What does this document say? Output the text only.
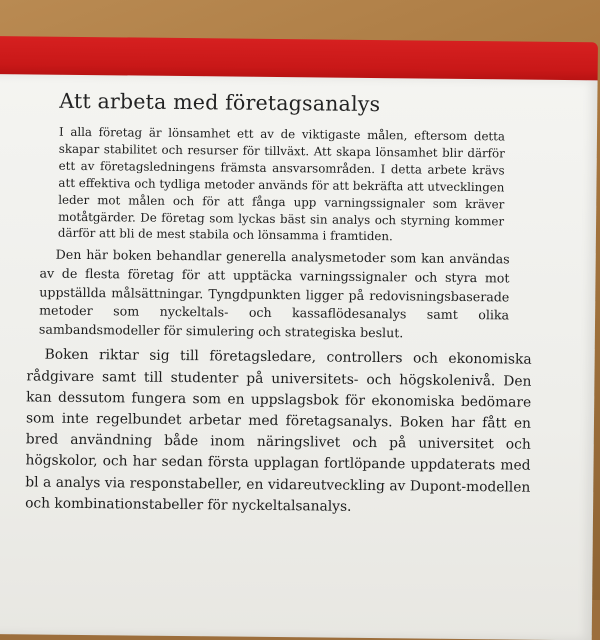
Att arbeta med företagsanalys

I alla företag är lönsamhet ett av de viktigaste målen, eftersom detta skapar stabilitet och resurser för tillväxt. Att skapa lönsamhet blir därför ett av företagsledningens främsta ansvarsområden. I detta arbete krävs att effektiva och tydliga metoder används för att bekräfta att utvecklingen leder mot målen och för att fånga upp varningssignaler som kräver motåtgärder. De företag som lyckas bäst sin analys och styrning kommer därför att bli de mest stabila och lönsamma i framtiden.

Den här boken behandlar generella analysmetoder som kan användas av de flesta företag för att upptäcka varningssignaler och styra mot uppställda målsättningar. Tyngdpunkten ligger på redovisningsbaserade metoder som nyckeltals- och kassaflödesanalys samt olika sambandsmodeller för simulering och strategiska beslut.

Boken riktar sig till företagsledare, controllers och ekonomiska rådgivare samt till studenter på universitets- och högskolenivå. Den kan dessutom fungera som en uppslagsbok för ekonomiska bedömare som inte regelbundet arbetar med företagsanalys. Boken har fått en bred användning både inom näringslivet och på universitet och högskolor, och har sedan första upplagan fortlöpande uppdaterats med bl a analys via responstabeller, en vidareutveckling av Dupont-modellen och kombinationstabeller för nyckeltalsanalys.
